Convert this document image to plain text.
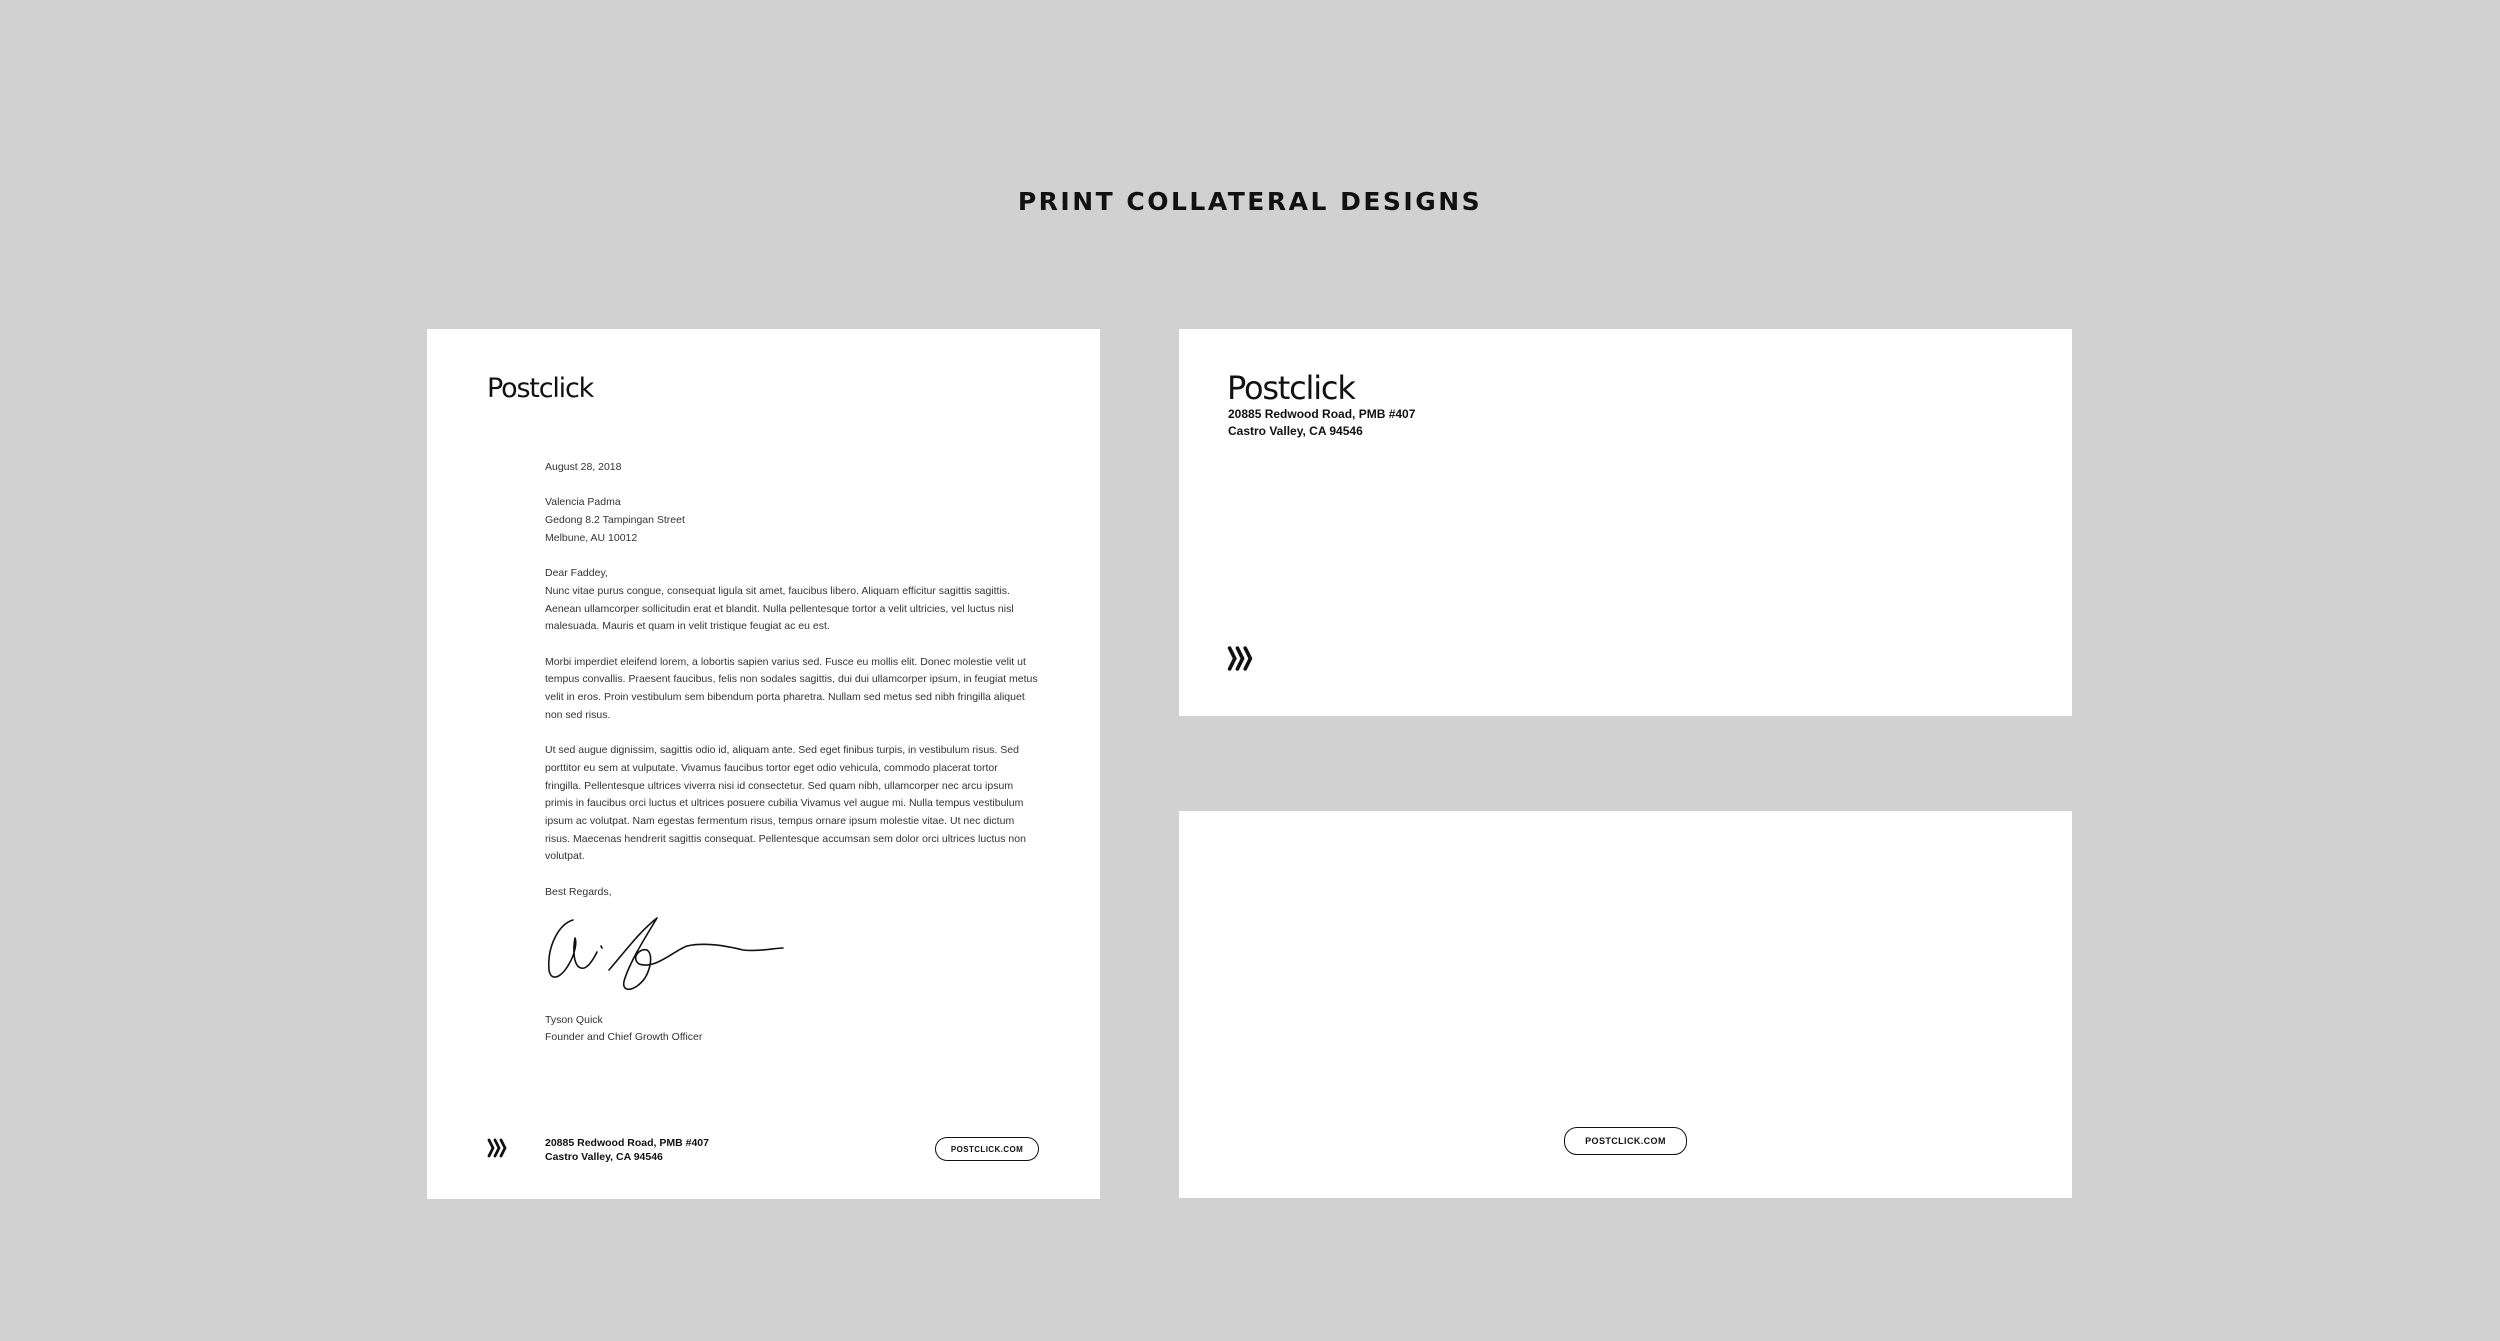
PRINT COLLATERAL DESIGNS
Postclick

August 28, 2018

Valencia Padma
Gedong 8.2 Tampingan Street
Melbune, AU 10012

Dear Faddey,
Nunc vitae purus congue, consequat ligula sit amet, faucibus libero. Aliquam efficitur sagittis sagittis.
Aenean ullamcorper sollicitudin erat et blandit. Nulla pellentesque tortor a velit ultricies, vel luctus nisl
malesuada. Mauris et quam in velit tristique feugiat ac eu est.

Morbi imperdiet eleifend lorem, a lobortis sapien varius sed. Fusce eu mollis elit. Donec molestie velit ut
tempus convallis. Praesent faucibus, felis non sodales sagittis, dui dui ullamcorper ipsum, in feugiat metus
velit in eros. Proin vestibulum sem bibendum porta pharetra. Nullam sed metus sed nibh fringilla aliquet
non sed risus.

Ut sed augue dignissim, sagittis odio id, aliquam ante. Sed eget finibus turpis, in vestibulum risus. Sed
porttitor eu sem at vulputate. Vivamus faucibus tortor eget odio vehicula, commodo placerat tortor
fringilla. Pellentesque ultrices viverra nisi id consectetur. Sed quam nibh, ullamcorper nec arcu ipsum
primis in faucibus orci luctus et ultrices posuere cubilia Vivamus vel augue mi. Nulla tempus vestibulum
ipsum ac volutpat. Nam egestas fermentum risus, tempus ornare ipsum molestie vitae. Ut nec dictum
risus. Maecenas hendrerit sagittis consequat. Pellentesque accumsan sem dolor orci ultrices luctus non
volutpat.

Best Regards,

Tyson Quick
Founder and Chief Growth Officer
20885 Redwood Road, PMB #407
Castro Valley, CA 94546
POSTCLICK.COM
Postclick
20885 Redwood Road, PMB #407
Castro Valley, CA 94546
POSTCLICK.COM
